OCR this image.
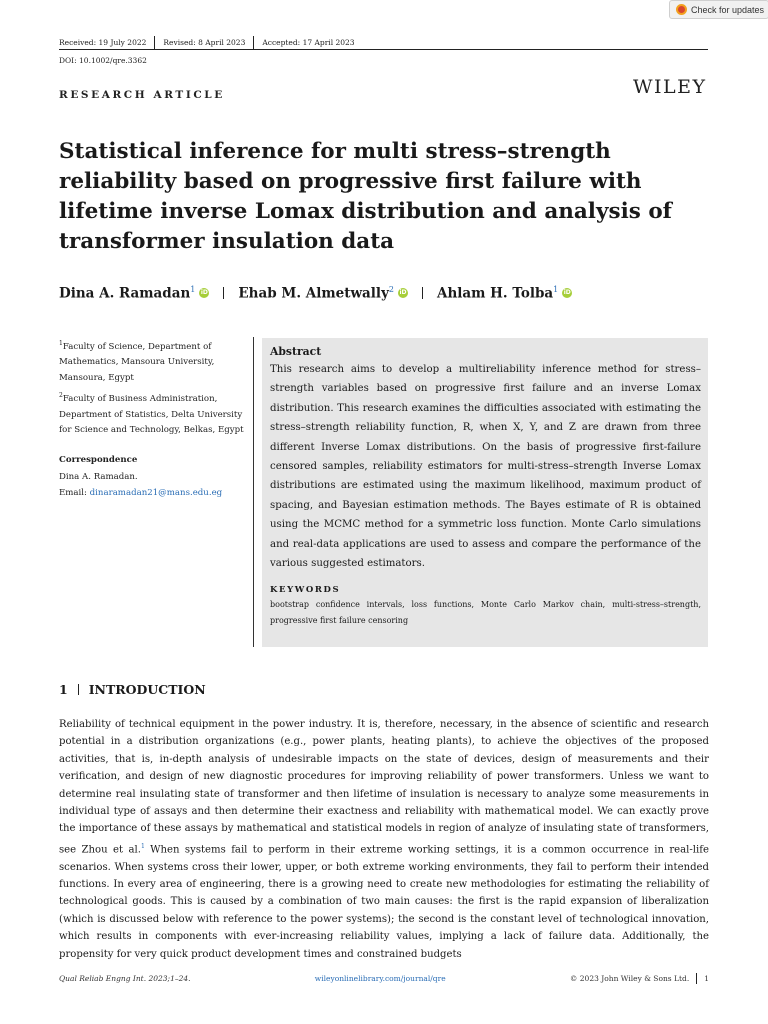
Check for updates
Received: 19 July 2022	Revised: 8 April 2023	Accepted: 17 April 2023
DOI: 10.1002/qre.3362
RESEARCH ARTICLE	WILEY
Statistical inference for multi stress–strength reliability based on progressive first failure with lifetime inverse Lomax distribution and analysis of transformer insulation data
Dina A. Ramadan$^1$ iD Ehab M. Almetwally$^2$ iD Ahlam H. Tolba$^1$ iD

$^1$Faculty of Science, Department of Mathematics, Mansoura University, Mansoura, Egypt

$^2$Faculty of Business Administration, Department of Statistics, Delta University for Science and Technology, Belkas, Egypt

Correspondence

Dina A. Ramadan.

Email: dinaramadan21@mans.edu.eg

Abstract
This research aims to develop a multireliability inference method for stress–strength variables based on progressive first failure and an inverse Lomax distribution. This research examines the difficulties associated with estimating the stress–strength reliability function, R, when X, Y, and Z are drawn from three different Inverse Lomax distributions. On the basis of progressive first-failure censored samples, reliability estimators for multi-stress–strength Inverse Lomax distributions are estimated using the maximum likelihood, maximum product of spacing, and Bayesian estimation methods. The Bayes estimate of R is obtained using the MCMC method for a symmetric loss function. Monte Carlo simulations and real-data applications are used to assess and compare the performance of the various suggested estimators.
KEYWORDS
bootstrap confidence intervals, loss functions, Monte Carlo Markov chain, multi-stress–strength, progressive first failure censoring
1 INTRODUCTION
Reliability of technical equipment in the power industry. It is, therefore, necessary, in the absence of scientific and research potential in a distribution organizations (e.g., power plants, heating plants), to achieve the objectives of the proposed activities, that is, in-depth analysis of undesirable impacts on the state of devices, design of measurements and their verification, and design of new diagnostic procedures for improving reliability of power transformers. Unless we want to determine real insulating state of transformer and then lifetime of insulation is necessary to analyze some measurements in individual type of assays and then determine their exactness and reliability with mathematical model. We can exactly prove the importance of these assays by mathematical and statistical models in region of analyze of insulating state of transformers, see Zhou et al.$^1$ When systems fail to perform in their extreme working settings, it is a common occurrence in real-life scenarios. When systems cross their lower, upper, or both extreme working environments, they fail to perform their intended functions. In every area of engineering, there is a growing need to create new methodologies for estimating the reliability of technological goods. This is caused by a combination of two main causes: the first is the rapid expansion of liberalization (which is discussed below with reference to the power systems); the second is the constant level of technological innovation, which results in components with ever-increasing reliability values, implying a lack of failure data. Additionally, the propensity for very quick product development times and constrained budgets
Qual Reliab Engng Int. 2023;1–24.	wileyonlinelibrary.com/journal/qre	© 2023 John Wiley & Sons Ltd. 1
